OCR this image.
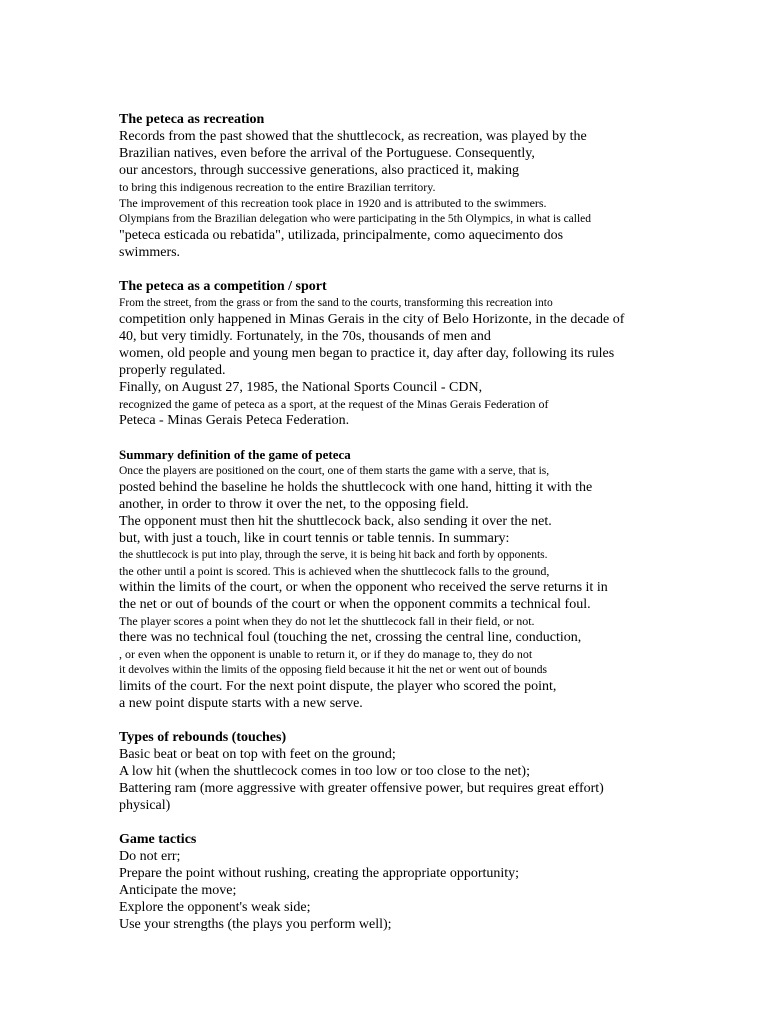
The peteca as recreation
Records from the past showed that the shuttlecock, as recreation, was played by the
Brazilian natives, even before the arrival of the Portuguese. Consequently,
our ancestors, through successive generations, also practiced it, making
to bring this indigenous recreation to the entire Brazilian territory.
The improvement of this recreation took place in 1920 and is attributed to the swimmers.
Olympians from the Brazilian delegation who were participating in the 5th Olympics, in what is called
"peteca esticada ou rebatida", utilizada, principalmente, como aquecimento dos
swimmers.
The peteca as a competition / sport
From the street, from the grass or from the sand to the courts, transforming this recreation into
competition only happened in Minas Gerais in the city of Belo Horizonte, in the decade of
40, but very timidly. Fortunately, in the 70s, thousands of men and
women, old people and young men began to practice it, day after day, following its rules
properly regulated.
Finally, on August 27, 1985, the National Sports Council - CDN,
recognized the game of peteca as a sport, at the request of the Minas Gerais Federation of
Peteca - Minas Gerais Peteca Federation.
Summary definition of the game of peteca
Once the players are positioned on the court, one of them starts the game with a serve, that is,
posted behind the baseline he holds the shuttlecock with one hand, hitting it with the
another, in order to throw it over the net, to the opposing field.
The opponent must then hit the shuttlecock back, also sending it over the net.
but, with just a touch, like in court tennis or table tennis. In summary:
the shuttlecock is put into play, through the serve, it is being hit back and forth by opponents.
the other until a point is scored. This is achieved when the shuttlecock falls to the ground,
within the limits of the court, or when the opponent who received the serve returns it in
the net or out of bounds of the court or when the opponent commits a technical foul.
The player scores a point when they do not let the shuttlecock fall in their field, or not.
there was no technical foul (touching the net, crossing the central line, conduction,
, or even when the opponent is unable to return it, or if they do manage to, they do not
it devolves within the limits of the opposing field because it hit the net or went out of bounds
limits of the court. For the next point dispute, the player who scored the point,
a new point dispute starts with a new serve.
Types of rebounds (touches)
Basic beat or beat on top with feet on the ground;
A low hit (when the shuttlecock comes in too low or too close to the net);
Battering ram (more aggressive with greater offensive power, but requires great effort)
physical)
Game tactics
Do not err;
Prepare the point without rushing, creating the appropriate opportunity;
Anticipate the move;
Explore the opponent's weak side;
Use your strengths (the plays you perform well);
